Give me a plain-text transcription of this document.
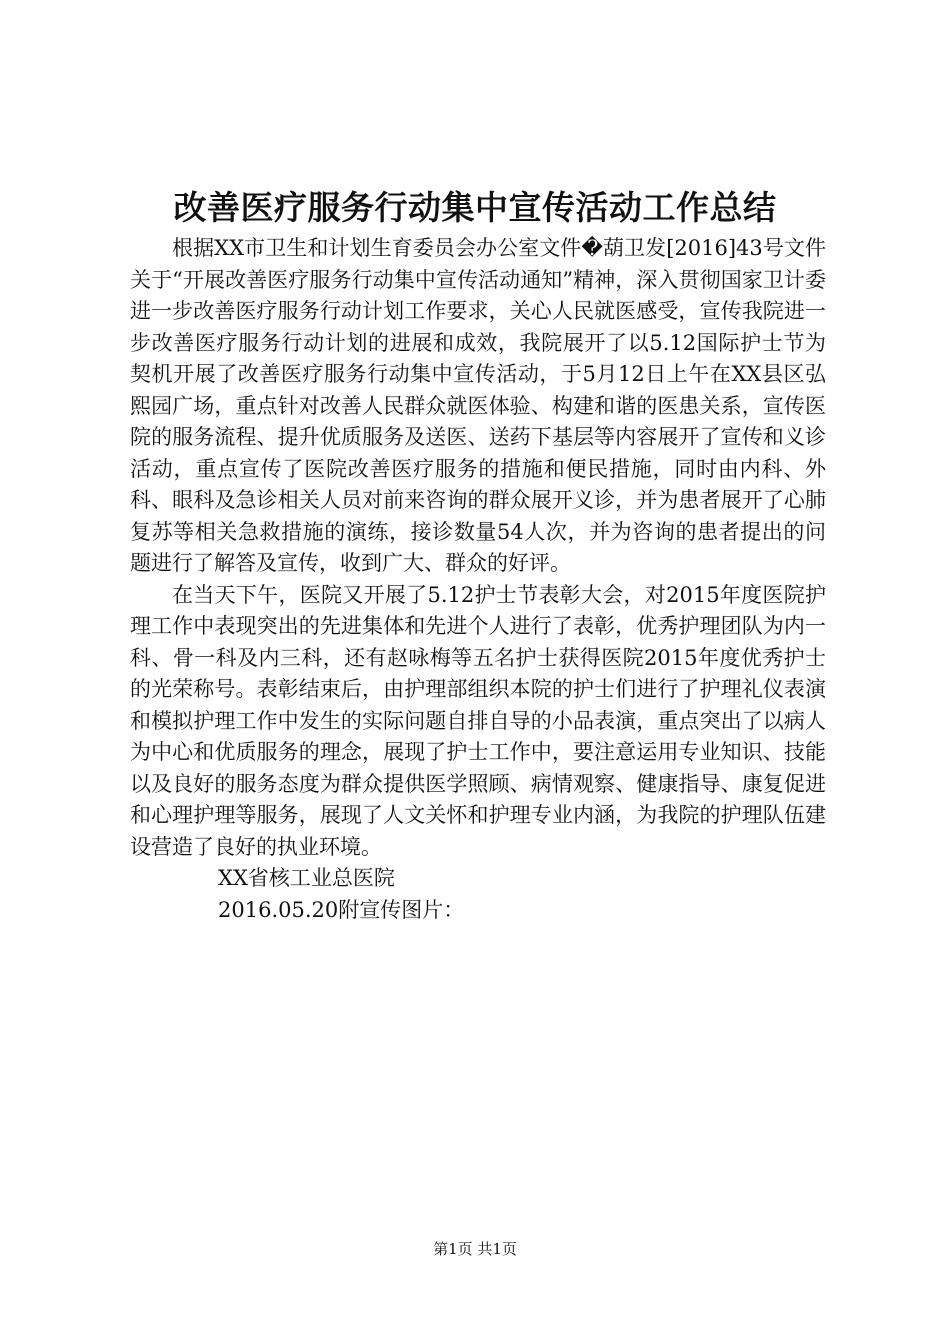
改善医疗服务行动集中宣传活动工作总结

根据XX市卫生和计划生育委员会办公室文件�葫卫发[2016]43号文件关于“开展改善医疗服务行动集中宣传活动通知”精神，深入贯彻国家卫计委进一步改善医疗服务行动计划工作要求，关心人民就医感受，宣传我院进一步改善医疗服务行动计划的进展和成效，我院展开了以5.12国际护士节为契机开展了改善医疗服务行动集中宣传活动，于5月12日上午在XX县区弘熙园广场，重点针对改善人民群众就医体验、构建和谐的医患关系，宣传医院的服务流程、提升优质服务及送医、送药下基层等内容展开了宣传和义诊活动，重点宣传了医院改善医疗服务的措施和便民措施，同时由内科、外科、眼科及急诊相关人员对前来咨询的群众展开义诊，并为患者展开了心肺复苏等相关急救措施的演练，接诊数量54人次，并为咨询的患者提出的问题进行了解答及宣传，收到广大、群众的好评。

在当天下午，医院又开展了5.12护士节表彰大会，对2015年度医院护理工作中表现突出的先进集体和先进个人进行了表彰，优秀护理团队为内一科、骨一科及内三科，还有赵咏梅等五名护士获得医院2015年度优秀护士的光荣称号。表彰结束后，由护理部组织本院的护士们进行了护理礼仪表演和模拟护理工作中发生的实际问题自排自导的小品表演，重点突出了以病人为中心和优质服务的理念，展现了护士工作中，要注意运用专业知识、技能以及良好的服务态度为群众提供医学照顾、病情观察、健康指导、康复促进和心理护理等服务，展现了人文关怀和护理专业内涵，为我院的护理队伍建设营造了良好的执业环境。

XX省核工业总医院

2016.05.20附宣传图片：

第1页 共1页
